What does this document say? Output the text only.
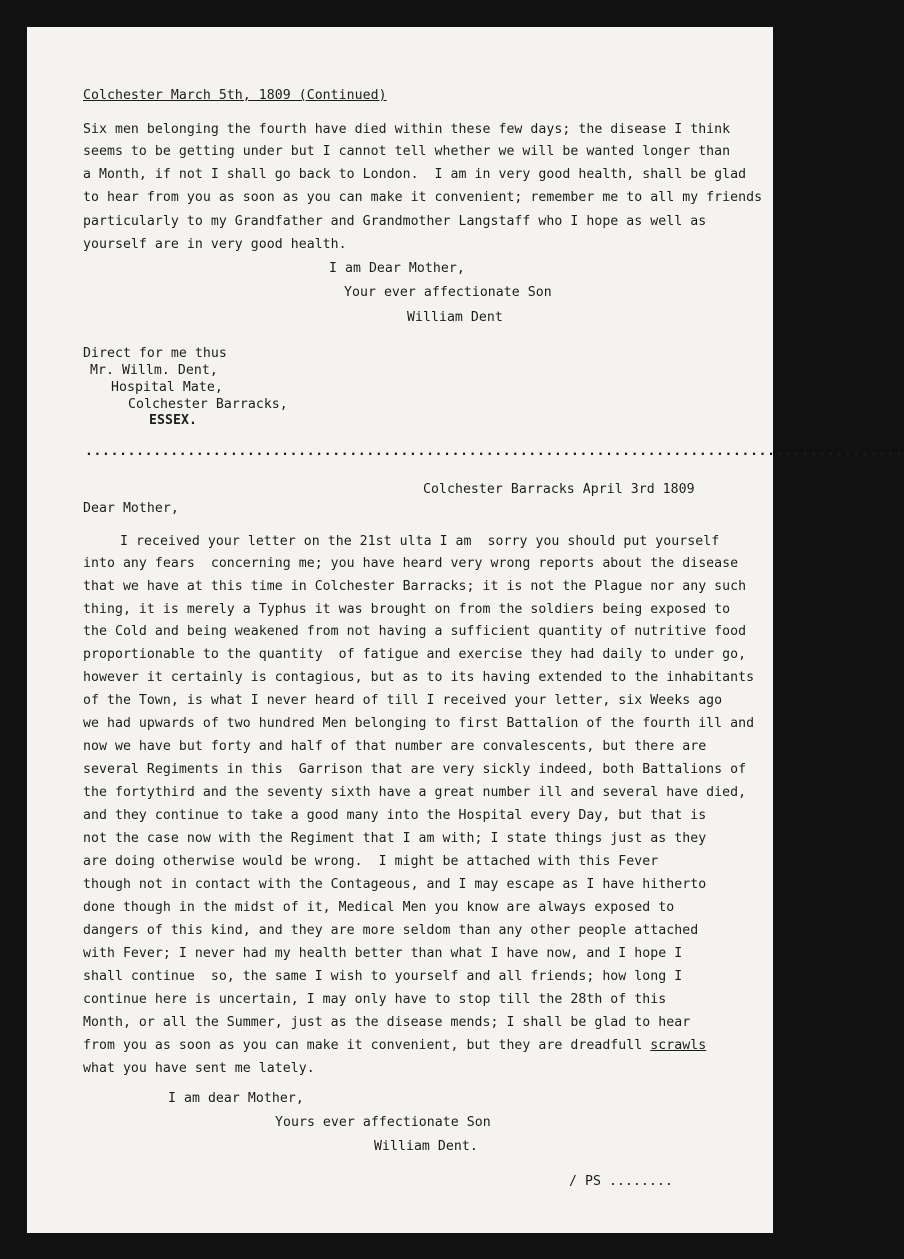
Colchester March 5th, 1809 (Continued)
Six men belonging the fourth have died within these few days; the disease I think
seems to be getting under but I cannot tell whether we will be wanted longer than
a Month, if not I shall go back to London.  I am in very good health, shall be glad
to hear from you as soon as you can make it convenient; remember me to all my friends
particularly to my Grandfather and Grandmother Langstaff who I hope as well as
yourself are in very good health.
I am Dear Mother,
Your ever affectionate Son
William Dent
Direct for me thus
Mr. Willm. Dent,
Hospital Mate,
Colchester Barracks,
ESSEX.
................................................................................................
Colchester Barracks April 3rd 1809
Dear Mother,
I received your letter on the 21st ulta I am  sorry you should put yourself
into any fears  concerning me; you have heard very wrong reports about the disease
that we have at this time in Colchester Barracks; it is not the Plague nor any such
thing, it is merely a Typhus it was brought on from the soldiers being exposed to
the Cold and being weakened from not having a sufficient quantity of nutritive food
proportionable to the quantity  of fatigue and exercise they had daily to under go,
however it certainly is contagious, but as to its having extended to the inhabitants
of the Town, is what I never heard of till I received your letter, six Weeks ago
we had upwards of two hundred Men belonging to first Battalion of the fourth ill and
now we have but forty and half of that number are convalescents, but there are
several Regiments in this  Garrison that are very sickly indeed, both Battalions of
the fortythird and the seventy sixth have a great number ill and several have died,
and they continue to take a good many into the Hospital every Day, but that is
not the case now with the Regiment that I am with; I state things just as they
are doing otherwise would be wrong.  I might be attached with this Fever
though not in contact with the Contageous, and I may escape as I have hitherto
done though in the midst of it, Medical Men you know are always exposed to
dangers of this kind, and they are more seldom than any other people attached
with Fever; I never had my health better than what I have now, and I hope I
shall continue  so, the same I wish to yourself and all friends; how long I
continue here is uncertain, I may only have to stop till the 28th of this
Month, or all the Summer, just as the disease mends; I shall be glad to hear
from you as soon as you can make it convenient, but they are dreadfull scrawls
what you have sent me lately.
I am dear Mother,
Yours ever affectionate Son
William Dent.
/ PS ........
